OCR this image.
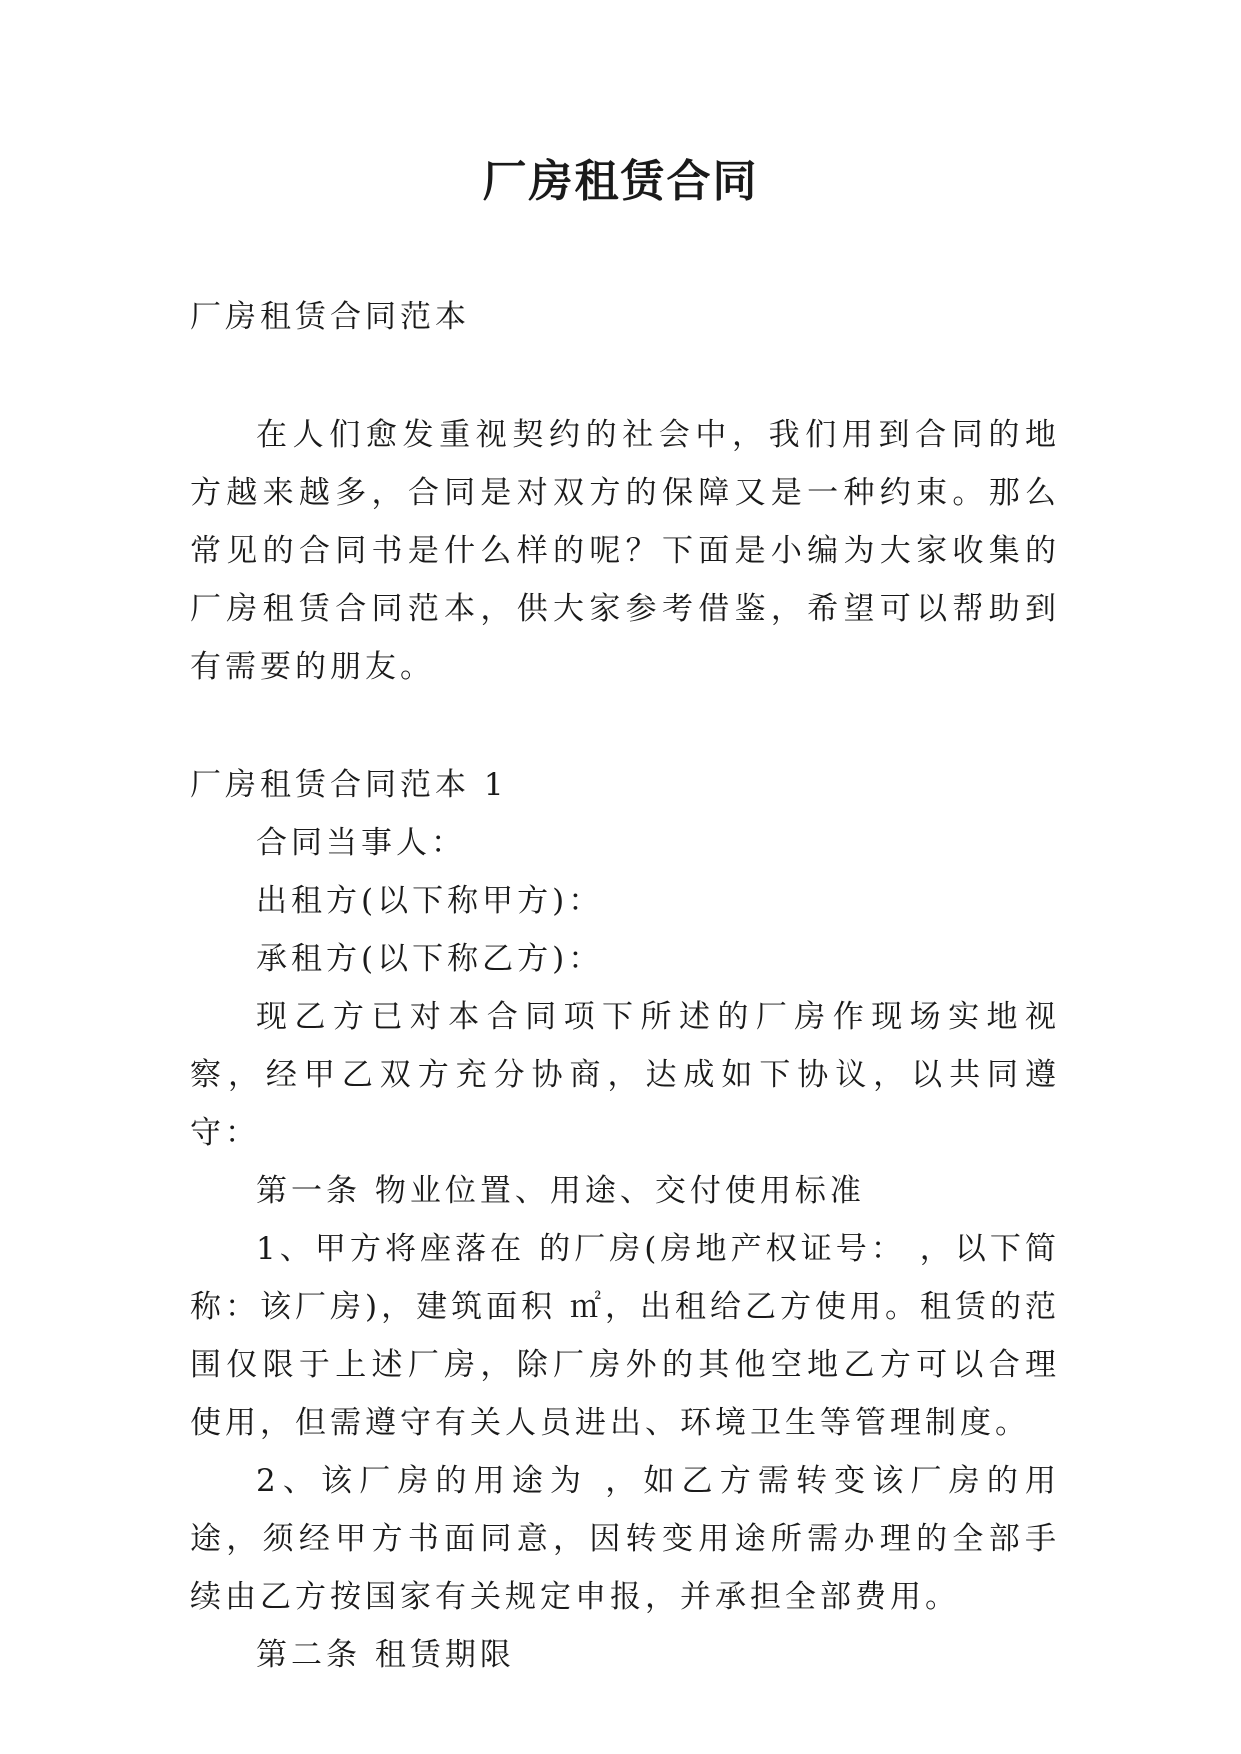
厂房租赁合同

厂房租赁合同范本

在人们愈发重视契约的社会中，我们用到合同的地方越来越多，合同是对双方的保障又是一种约束。那么常见的合同书是什么样的呢？下面是小编为大家收集的厂房租赁合同范本，供大家参考借鉴，希望可以帮助到有需要的朋友。

厂房租赁合同范本 1

合同当事人：

出租方(以下称甲方)：

承租方(以下称乙方)：

现乙方已对本合同项下所述的厂房作现场实地视察，经甲乙双方充分协商，达成如下协议，以共同遵守：

第一条 物业位置、用途、交付使用标准

1、甲方将座落在 的厂房(房地产权证号： ，以下简称：该厂房)，建筑面积 ㎡，出租给乙方使用。租赁的范围仅限于上述厂房，除厂房外的其他空地乙方可以合理使用，但需遵守有关人员进出、环境卫生等管理制度。

2、该厂房的用途为 ，如乙方需转变该厂房的用途，须经甲方书面同意，因转变用途所需办理的全部手续由乙方按国家有关规定申报，并承担全部费用。

第二条 租赁期限
